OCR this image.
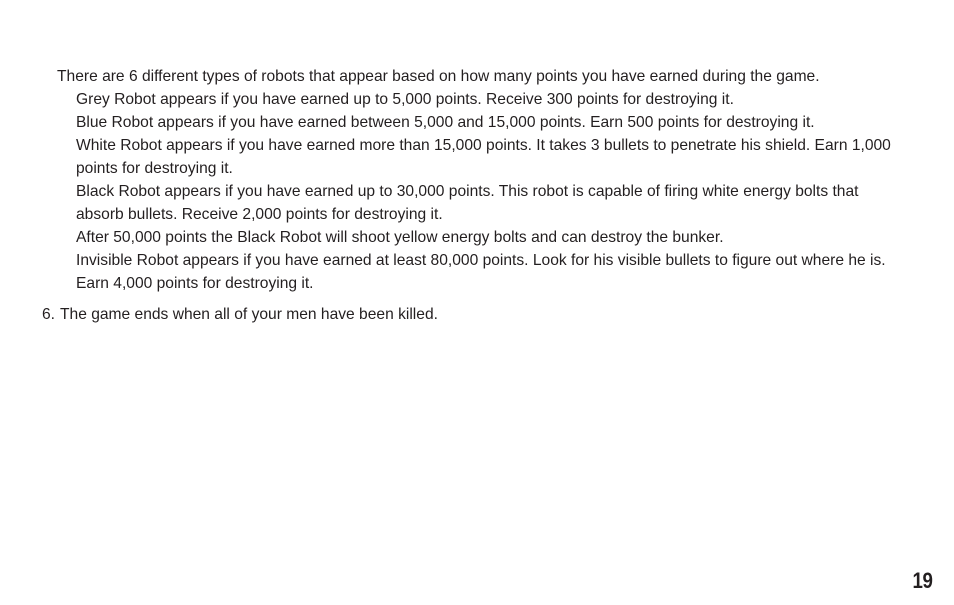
There are 6 different types of robots that appear based on how many points you have earned during the game.

Grey Robot appears if you have earned up to 5,000 points. Receive 300 points for destroying it.
Blue Robot appears if you have earned between 5,000 and 15,000 points. Earn 500 points for destroying it.
White Robot appears if you have earned more than 15,000 points. It takes 3 bullets to penetrate his shield. Earn 1,000 points for destroying it.
Black Robot appears if you have earned up to 30,000 points. This robot is capable of firing white energy bolts that absorb bullets. Receive 2,000 points for destroying it.
After 50,000 points the Black Robot will shoot yellow energy bolts and can destroy the bunker.
Invisible Robot appears if you have earned at least 80,000 points. Look for his visible bullets to figure out where he is. Earn 4,000 points for destroying it.

6. The game ends when all of your men have been killed.

19
